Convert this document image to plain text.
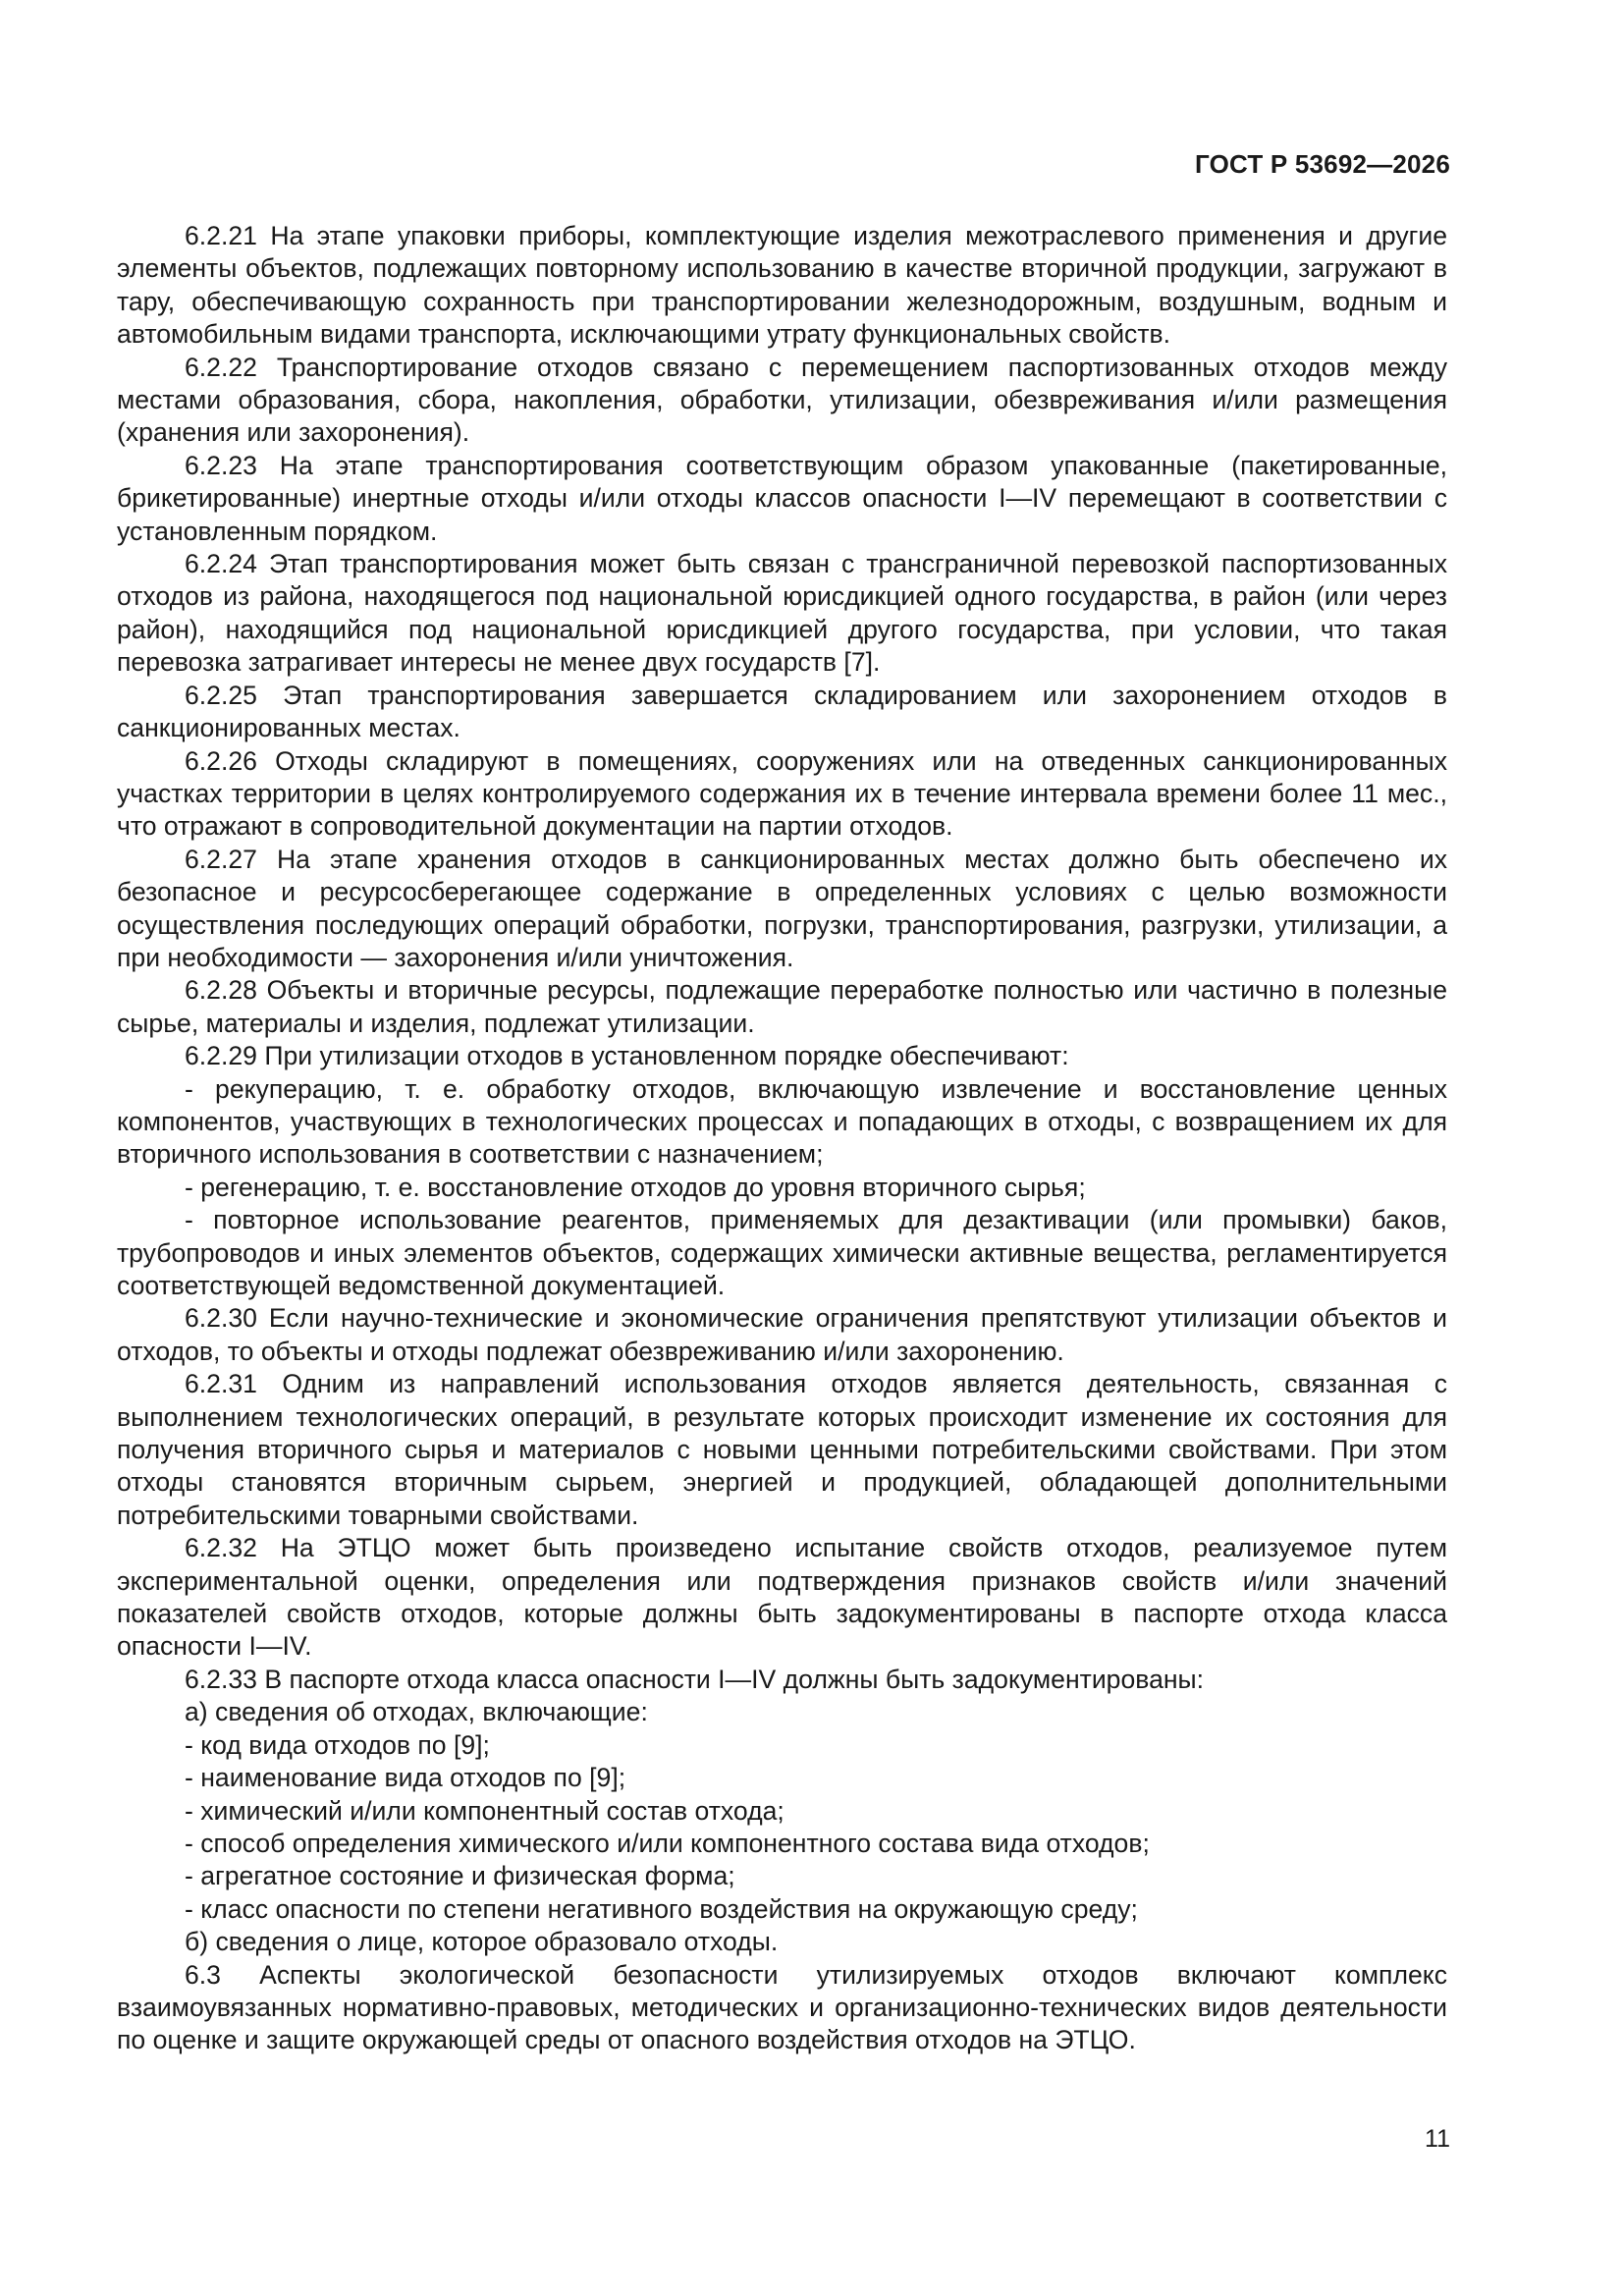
ГОСТ Р 53692—2026

6.2.21 На этапе упаковки приборы, комплектующие изделия межотраслевого применения и другие элементы объектов, подлежащих повторному использованию в качестве вторичной продукции, загружают в тару, обеспечивающую сохранность при транспортировании железнодорожным, воздушным, водным и автомобильным видами транспорта, исключающими утрату функциональных свойств.

6.2.22 Транспортирование отходов связано с перемещением паспортизованных отходов между местами образования, сбора, накопления, обработки, утилизации, обезвреживания и/или размещения (хранения или захоронения).

6.2.23 На этапе транспортирования соответствующим образом упакованные (пакетированные, брикетированные) инертные отходы и/или отходы классов опасности I—IV перемещают в соответствии с установленным порядком.

6.2.24 Этап транспортирования может быть связан с трансграничной перевозкой паспортизованных отходов из района, находящегося под национальной юрисдикцией одного государства, в район (или через район), находящийся под национальной юрисдикцией другого государства, при условии, что такая перевозка затрагивает интересы не менее двух государств [7].

6.2.25 Этап транспортирования завершается складированием или захоронением отходов в санкционированных местах.

6.2.26 Отходы складируют в помещениях, сооружениях или на отведенных санкционированных участках территории в целях контролируемого содержания их в течение интервала времени более 11 мес., что отражают в сопроводительной документации на партии отходов.

6.2.27 На этапе хранения отходов в санкционированных местах должно быть обеспечено их безопасное и ресурсосберегающее содержание в определенных условиях с целью возможности осуществления последующих операций обработки, погрузки, транспортирования, разгрузки, утилизации, а при необходимости — захоронения и/или уничтожения.

6.2.28 Объекты и вторичные ресурсы, подлежащие переработке полностью или частично в полезные сырье, материалы и изделия, подлежат утилизации.

6.2.29 При утилизации отходов в установленном порядке обеспечивают:

- рекуперацию, т. е. обработку отходов, включающую извлечение и восстановление ценных компонентов, участвующих в технологических процессах и попадающих в отходы, с возвращением их для вторичного использования в соответствии с назначением;

- регенерацию, т. е. восстановление отходов до уровня вторичного сырья;

- повторное использование реагентов, применяемых для дезактивации (или промывки) баков, трубопроводов и иных элементов объектов, содержащих химически активные вещества, регламентируется соответствующей ведомственной документацией.

6.2.30 Если научно-технические и экономические ограничения препятствуют утилизации объектов и отходов, то объекты и отходы подлежат обезвреживанию и/или захоронению.

6.2.31 Одним из направлений использования отходов является деятельность, связанная с выполнением технологических операций, в результате которых происходит изменение их состояния для получения вторичного сырья и материалов с новыми ценными потребительскими свойствами. При этом отходы становятся вторичным сырьем, энергией и продукцией, обладающей дополнительными потребительскими товарными свойствами.

6.2.32 На ЭТЦО может быть произведено испытание свойств отходов, реализуемое путем экспериментальной оценки, определения или подтверждения признаков свойств и/или значений показателей свойств отходов, которые должны быть задокументированы в паспорте отхода класса опасности I—IV.

6.2.33 В паспорте отхода класса опасности I—IV должны быть задокументированы:

а) сведения об отходах, включающие:

- код вида отходов по [9];

- наименование вида отходов по [9];

- химический и/или компонентный состав отхода;

- способ определения химического и/или компонентного состава вида отходов;

- агрегатное состояние и физическая форма;

- класс опасности по степени негативного воздействия на окружающую среду;

б) сведения о лице, которое образовало отходы.

6.3 Аспекты экологической безопасности утилизируемых отходов включают комплекс взаимоувязанных нормативно-правовых, методических и организационно-технических видов деятельности по оценке и защите окружающей среды от опасного воздействия отходов на ЭТЦО.

11
